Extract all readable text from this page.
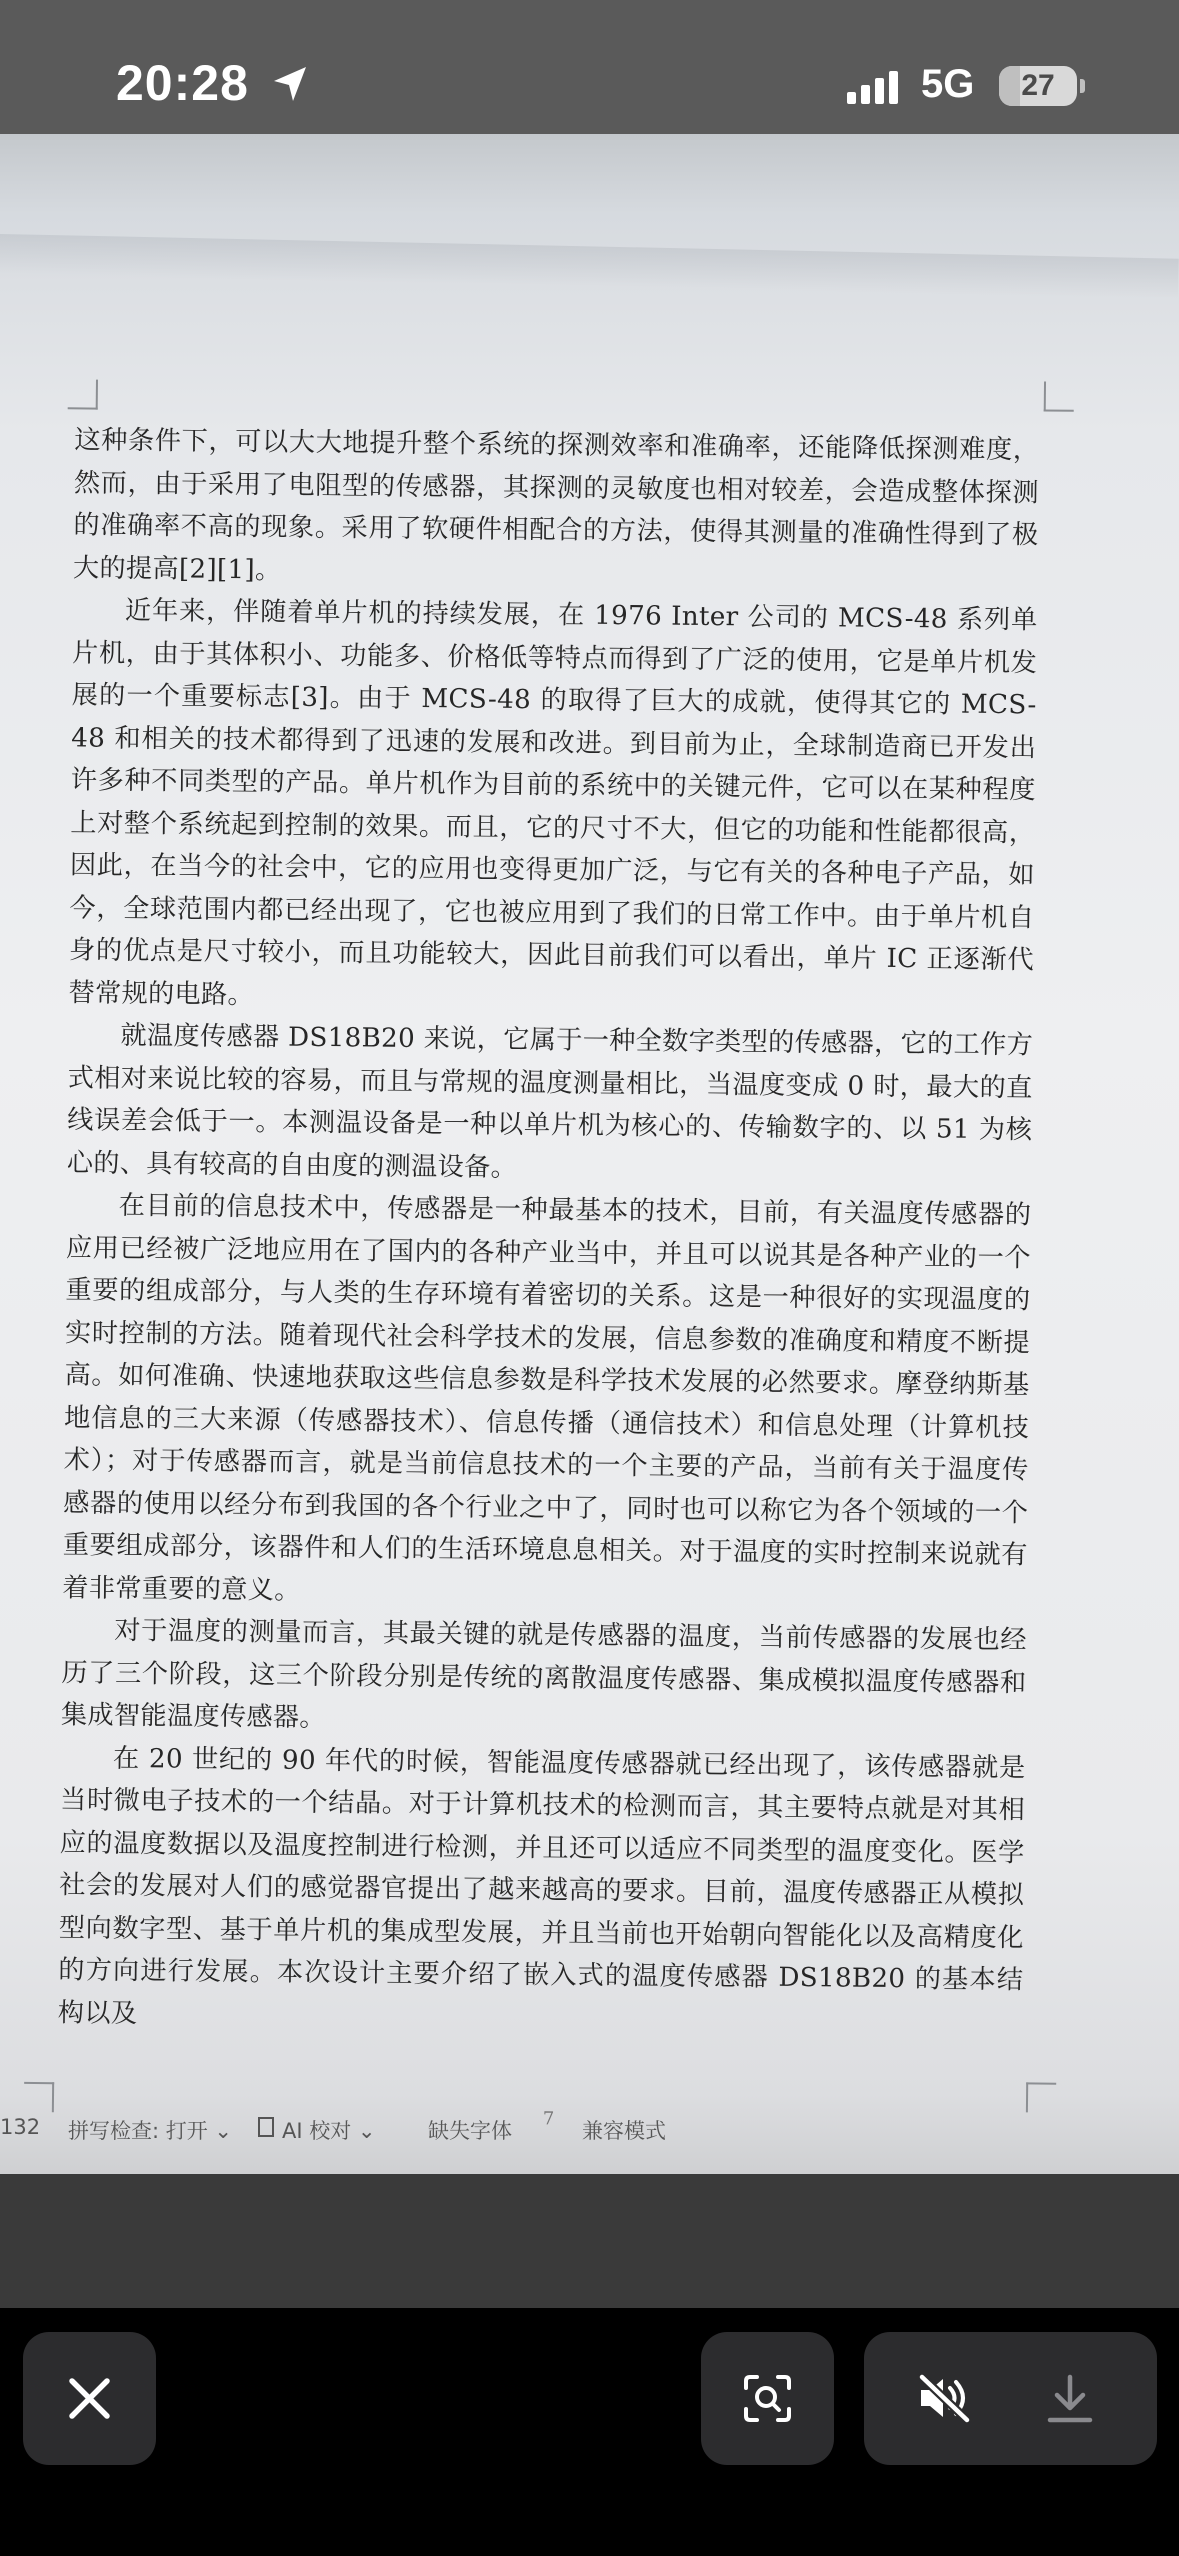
20:28	5G	27

这种条件下，可以大大地提升整个系统的探测效率和准确率，还能降低探测难度，然而，由于采用了电阻型的传感器，其探测的灵敏度也相对较差，会造成整体探测的准确率不高的现象。采用了软硬件相配合的方法，使得其测量的准确性得到了极大的提高[2][1]。

近年来，伴随着单片机的持续发展，在 1976 Inter 公司的 MCS-48 系列单片机，由于其体积小、功能多、价格低等特点而得到了广泛的使用，它是单片机发展的一个重要标志[3]。由于 MCS-48 的取得了巨大的成就，使得其它的 MCS-48 和相关的技术都得到了迅速的发展和改进。到目前为止，全球制造商已开发出许多种不同类型的产品。单片机作为目前的系统中的关键元件，它可以在某种程度上对整个系统起到控制的效果。而且，它的尺寸不大，但它的功能和性能都很高，因此，在当今的社会中，它的应用也变得更加广泛，与它有关的各种电子产品，如今，全球范围内都已经出现了，它也被应用到了我们的日常工作中。由于单片机自身的优点是尺寸较小，而且功能较大，因此目前我们可以看出，单片 IC 正逐渐代替常规的电路。

就温度传感器 DS18B20 来说，它属于一种全数字类型的传感器，它的工作方式相对来说比较的容易，而且与常规的温度测量相比，当温度变成 0 时，最大的直线误差会低于一。本测温设备是一种以单片机为核心的、传输数字的、以 51 为核心的、具有较高的自由度的测温设备。

在目前的信息技术中，传感器是一种最基本的技术，目前，有关温度传感器的应用已经被广泛地应用在了国内的各种产业当中，并且可以说其是各种产业的一个重要的组成部分，与人类的生存环境有着密切的关系。这是一种很好的实现温度的实时控制的方法。随着现代社会科学技术的发展，信息参数的准确度和精度不断提高。如何准确、快速地获取这些信息参数是科学技术发展的必然要求。摩登纳斯基地信息的三大来源（传感器技术）、信息传播（通信技术）和信息处理（计算机技术）；对于传感器而言，就是当前信息技术的一个主要的产品，当前有关于温度传感器的使用以经分布到我国的各个行业之中了，同时也可以称它为各个领域的一个重要组成部分，该器件和人们的生活环境息息相关。对于温度的实时控制来说就有着非常重要的意义。

对于温度的测量而言，其最关键的就是传感器的温度，当前传感器的发展也经历了三个阶段，这三个阶段分别是传统的离散温度传感器、集成模拟温度传感器和集成智能温度传感器。

在 20 世纪的 90 年代的时候，智能温度传感器就已经出现了，该传感器就是当时微电子技术的一个结晶。对于计算机技术的检测而言，其主要特点就是对其相应的温度数据以及温度控制进行检测，并且还可以适应不同类型的温度变化。医学社会的发展对人们的感觉器官提出了越来越高的要求。目前，温度传感器正从模拟型向数字型、基于单片机的集成型发展，并且当前也开始朝向智能化以及高精度化的方向进行发展。本次设计主要介绍了嵌入式的温度传感器 DS18B20 的基本结构以及

7
132 拼写检查: 打开 ⌄ AI 校对 ⌄ 缺失字体	兼容模式
